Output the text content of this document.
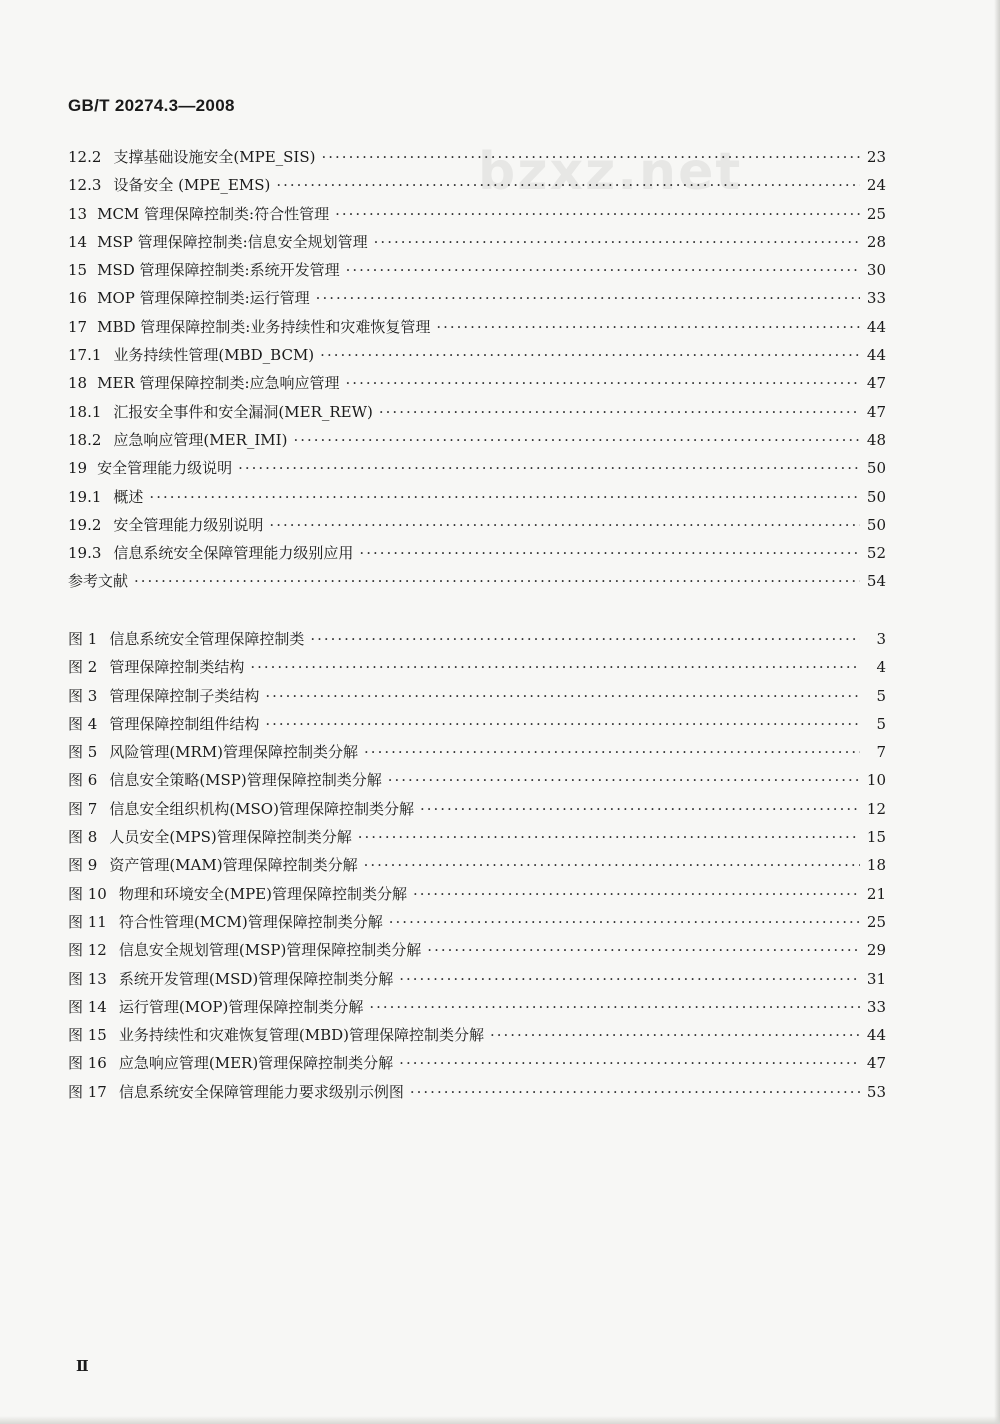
GB/T 20274.3—2008
bzxz.net
12.2 支撑基础设施安全(MPE_SIS) ·····	23
12.3 设备安全 (MPE_EMS) ·····	24
13 MCM 管理保障控制类:符合性管理 ·····	25
14 MSP 管理保障控制类:信息安全规划管理 ·····	28
15 MSD 管理保障控制类:系统开发管理 ·····	30
16 MOP 管理保障控制类:运行管理 ·····	33
17 MBD 管理保障控制类:业务持续性和灾难恢复管理 ·····	44
17.1 业务持续性管理(MBD_BCM) ·····	44
18 MER 管理保障控制类:应急响应管理 ·····	47
18.1 汇报安全事件和安全漏洞(MER_REW) ·····	47
18.2 应急响应管理(MER_IMI) ·····	48
19 安全管理能力级说明 ·····	50
19.1 概述 ·····	50
19.2 安全管理能力级别说明 ·····	50
19.3 信息系统安全保障管理能力级别应用 ·····	52
参考文献 ·····	54
图 1 信息系统安全管理保障控制类 ·····	3
图 2 管理保障控制类结构 ·····	4
图 3 管理保障控制子类结构 ·····	5
图 4 管理保障控制组件结构 ·····	5
图 5 风险管理(MRM)管理保障控制类分解 ·····	7
图 6 信息安全策略(MSP)管理保障控制类分解 ·····	10
图 7 信息安全组织机构(MSO)管理保障控制类分解 ·····	12
图 8 人员安全(MPS)管理保障控制类分解 ·····	15
图 9 资产管理(MAM)管理保障控制类分解 ·····	18
图 10 物理和环境安全(MPE)管理保障控制类分解 ·····	21
图 11 符合性管理(MCM)管理保障控制类分解 ·····	25
图 12 信息安全规划管理(MSP)管理保障控制类分解 ·····	29
图 13 系统开发管理(MSD)管理保障控制类分解 ·····	31
图 14 运行管理(MOP)管理保障控制类分解 ·····	33
图 15 业务持续性和灾难恢复管理(MBD)管理保障控制类分解 ·····	44
图 16 应急响应管理(MER)管理保障控制类分解 ·····	47
图 17 信息系统安全保障管理能力要求级别示例图 ·····	53
Ⅱ
